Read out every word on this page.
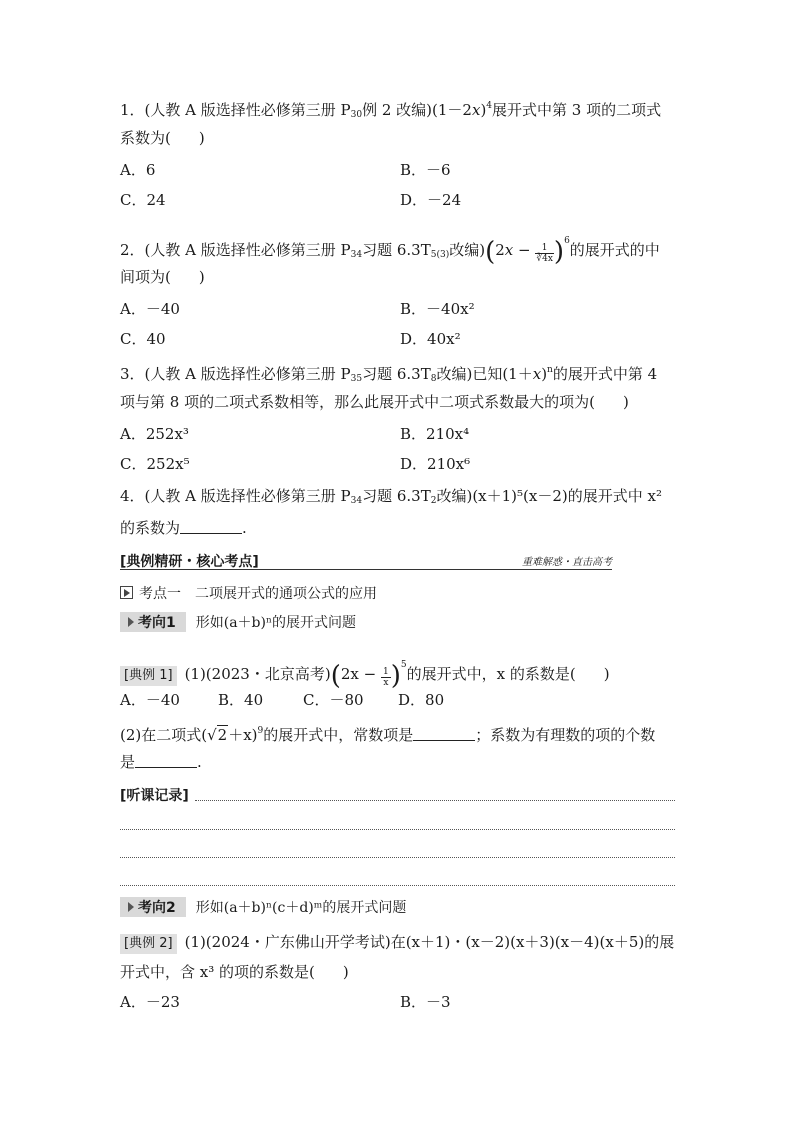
1．(人教 A 版选择性必修第三册 $P_{30}$例 2 改编)$(1-2x)^4$展开式中第 3 项的二项式
系数为( )
A．6	B．－6
C．24	D．－24
2．(人教 A 版选择性必修第三册 $P_{34}$习题 $6.3T_{5(3)}$改编)$(2x - \frac{1}{∛4x} )^6$的展开式的中
间项为( )
A．－40	B．－40x²
C．40	D．40x²
3．(人教 A 版选择性必修第三册 $P_{35}$习题 $6.3T_8$改编)已知$(1+x)^n$的展开式中第 4
项与第 8 项的二项式系数相等，那么此展开式中二项式系数最大的项为( )
A．252x³	B．210x⁴
C．252x⁵	D．210x⁶
4．(人教 A 版选择性必修第三册 $P_{34}$习题 $6.3T_2$改编)(x＋1)⁵(x－2)的展开式中 x²
的系数为	.
[典例精研・核心考点]	重难解惑・直击高考
考点一　二项展开式的通项公式的应用
考向1 形如(a＋b)ⁿ的展开式问题
[典例 1] (1)(2023・北京高考)$(2x - \frac{1}{x} )^5$的展开式中，x 的系数是( )
A．－40	B．40	C．－80 D．80
(2)在二项式$(√2+x)^9$的展开式中，常数项是	；系数为有理数的项的个数
是	.
[听课记录]
考向2 形如(a＋b)ⁿ(c＋d)ᵐ的展开式问题
[典例 2] (1)(2024・广东佛山开学考试)在(x＋1)・(x－2)(x＋3)(x－4)(x＋5)的展
开式中，含 x³ 的项的系数是( )
A．－23	B．－3
